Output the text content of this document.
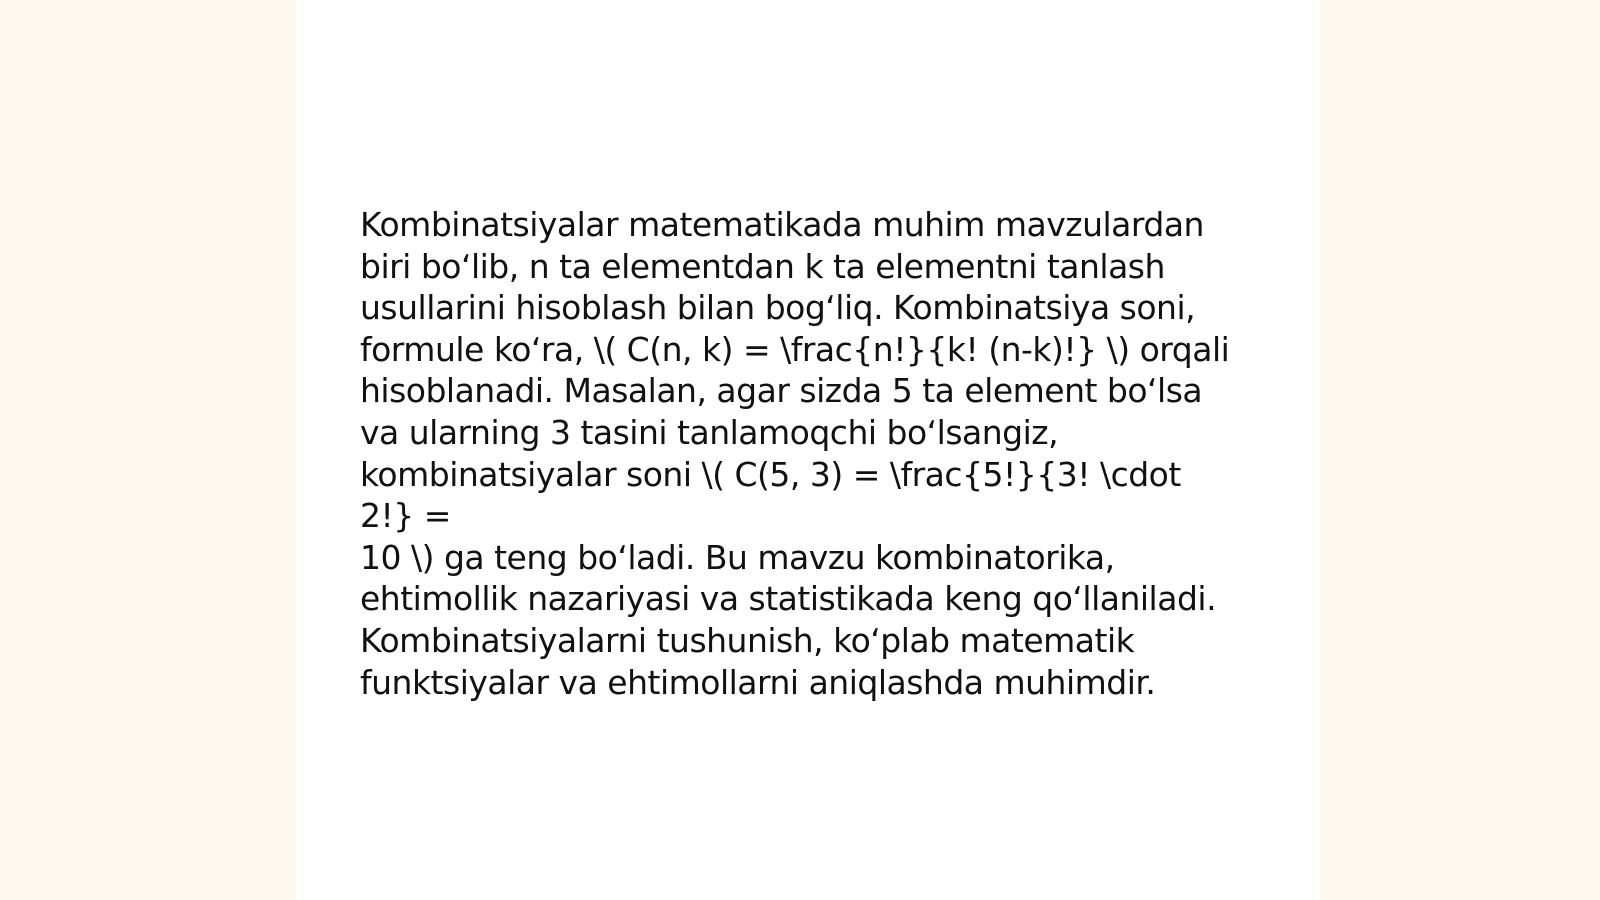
Kombinatsiyalar matematikada muhim mavzulardan
biri bo‘lib, n ta elementdan k ta elementni tanlash
usullarini hisoblash bilan bog‘liq. Kombinatsiya soni,
formule ko‘ra, \( C(n, k) = \frac{n!}{k! (n-k)!} \) orqali
hisoblanadi. Masalan, agar sizda 5 ta element bo‘lsa
va ularning 3 tasini tanlamoqchi bo‘lsangiz,
kombinatsiyalar soni \( C(5, 3) = \frac{5!}{3! \cdot 2!} =
10 \) ga teng bo‘ladi. Bu mavzu kombinatorika,
ehtimollik nazariyasi va statistikada keng qo‘llaniladi.
Kombinatsiyalarni tushunish, ko‘plab matematik
funktsiyalar va ehtimollarni aniqlashda muhimdir.
